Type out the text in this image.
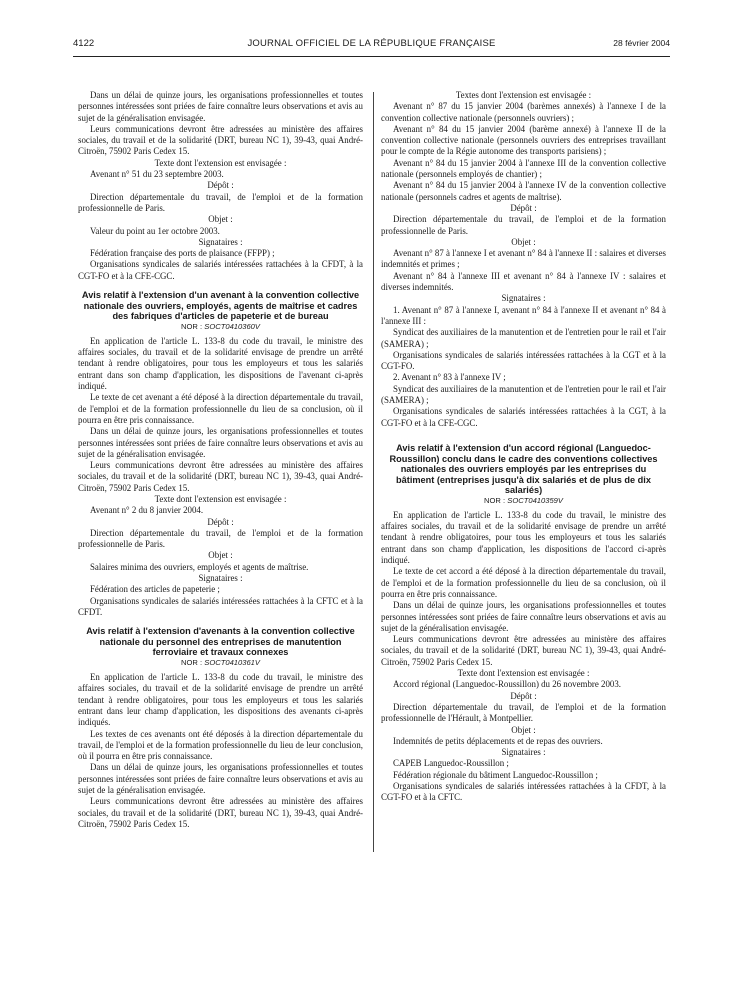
4122	JOURNAL OFFICIEL DE LA RÉPUBLIQUE FRANÇAISE	28 février 2004

Dans un délai de quinze jours, les organisations professionnelles et toutes personnes intéressées sont priées de faire connaître leurs observations et avis au sujet de la généralisation envisagée.

Leurs communications devront être adressées au ministère des affaires sociales, du travail et de la solidarité (DRT, bureau NC 1), 39-43, quai André-Citroën, 75902 Paris Cedex 15.

Texte dont l'extension est envisagée :

Avenant n° 51 du 23 septembre 2003.

Dépôt :

Direction départementale du travail, de l'emploi et de la formation professionnelle de Paris.

Objet :

Valeur du point au 1er octobre 2003.

Signataires :

Fédération française des ports de plaisance (FFPP) ;

Organisations syndicales de salariés intéressées rattachées à la CFDT, à la CGT-FO et à la CFE-CGC.

Avis relatif à l'extension d'un avenant à la convention collective nationale des ouvriers, employés, agents de maîtrise et cadres des fabriques d'articles de papeterie et de bureau

NOR : SOCT0410360V

En application de l'article L. 133-8 du code du travail, le ministre des affaires sociales, du travail et de la solidarité envisage de prendre un arrêté tendant à rendre obligatoires, pour tous les employeurs et tous les salariés entrant dans son champ d'application, les dispositions de l'avenant ci-après indiqué.

Le texte de cet avenant a été déposé à la direction départementale du travail, de l'emploi et de la formation professionnelle du lieu de sa conclusion, où il pourra en être pris connaissance.

Dans un délai de quinze jours, les organisations professionnelles et toutes personnes intéressées sont priées de faire connaître leurs observations et avis au sujet de la généralisation envisagée.

Leurs communications devront être adressées au ministère des affaires sociales, du travail et de la solidarité (DRT, bureau NC 1), 39-43, quai André-Citroën, 75902 Paris Cedex 15.

Texte dont l'extension est envisagée :

Avenant n° 2 du 8 janvier 2004.

Dépôt :

Direction départementale du travail, de l'emploi et de la formation professionnelle de Paris.

Objet :

Salaires minima des ouvriers, employés et agents de maîtrise.

Signataires :

Fédération des articles de papeterie ;

Organisations syndicales de salariés intéressées rattachées à la CFTC et à la CFDT.

Avis relatif à l'extension d'avenants à la convention collective nationale du personnel des entreprises de manutention ferroviaire et travaux connexes

NOR : SOCT0410361V

En application de l'article L. 133-8 du code du travail, le ministre des affaires sociales, du travail et de la solidarité envisage de prendre un arrêté tendant à rendre obligatoires, pour tous les employeurs et tous les salariés entrant dans leur champ d'application, les dispositions des avenants ci-après indiqués.

Les textes de ces avenants ont été déposés à la direction départementale du travail, de l'emploi et de la formation professionnelle du lieu de leur conclusion, où il pourra en être pris connaissance.

Dans un délai de quinze jours, les organisations professionnelles et toutes personnes intéressées sont priées de faire connaître leurs observations et avis au sujet de la généralisation envisagée.

Leurs communications devront être adressées au ministère des affaires sociales, du travail et de la solidarité (DRT, bureau NC 1), 39-43, quai André-Citroën, 75902 Paris Cedex 15.

Textes dont l'extension est envisagée :

Avenant n° 87 du 15 janvier 2004 (barèmes annexés) à l'annexe I de la convention collective nationale (personnels ouvriers) ;

Avenant n° 84 du 15 janvier 2004 (barème annexé) à l'annexe II de la convention collective nationale (personnels ouvriers des entreprises travaillant pour le compte de la Régie autonome des transports parisiens) ;

Avenant n° 84 du 15 janvier 2004 à l'annexe III de la convention collective nationale (personnels employés de chantier) ;

Avenant n° 84 du 15 janvier 2004 à l'annexe IV de la convention collective nationale (personnels cadres et agents de maîtrise).

Dépôt :

Direction départementale du travail, de l'emploi et de la formation professionnelle de Paris.

Objet :

Avenant n° 87 à l'annexe I et avenant n° 84 à l'annexe II : salaires et diverses indemnités et primes ;

Avenant n° 84 à l'annexe III et avenant n° 84 à l'annexe IV : salaires et diverses indemnités.

Signataires :

1. Avenant n° 87 à l'annexe I, avenant n° 84 à l'annexe II et avenant n° 84 à l'annexe III :

Syndicat des auxiliaires de la manutention et de l'entretien pour le rail et l'air (SAMERA) ;

Organisations syndicales de salariés intéressées rattachées à la CGT et à la CGT-FO.

2. Avenant n° 83 à l'annexe IV ;

Syndicat des auxiliaires de la manutention et de l'entretien pour le rail et l'air (SAMERA) ;

Organisations syndicales de salariés intéressées rattachées à la CGT, à la CGT-FO et à la CFE-CGC.

Avis relatif à l'extension d'un accord régional (Languedoc-Roussillon) conclu dans le cadre des conventions collectives nationales des ouvriers employés par les entreprises du bâtiment (entreprises jusqu'à dix salariés et de plus de dix salariés)

NOR : SOCT0410359V

En application de l'article L. 133-8 du code du travail, le ministre des affaires sociales, du travail et de la solidarité envisage de prendre un arrêté tendant à rendre obligatoires, pour tous les employeurs et tous les salariés entrant dans son champ d'application, les dispositions de l'accord ci-après indiqué.

Le texte de cet accord a été déposé à la direction départementale du travail, de l'emploi et de la formation professionnelle du lieu de sa conclusion, où il pourra en être pris connaissance.

Dans un délai de quinze jours, les organisations professionnelles et toutes personnes intéressées sont priées de faire connaître leurs observations et avis au sujet de la généralisation envisagée.

Leurs communications devront être adressées au ministère des affaires sociales, du travail et de la solidarité (DRT, bureau NC 1), 39-43, quai André-Citroën, 75902 Paris Cedex 15.

Texte dont l'extension est envisagée :

Accord régional (Languedoc-Roussillon) du 26 novembre 2003.

Dépôt :

Direction départementale du travail, de l'emploi et de la formation professionnelle de l'Hérault, à Montpellier.

Objet :

Indemnités de petits déplacements et de repas des ouvriers.

Signataires :

CAPEB Languedoc-Roussillon ;

Fédération régionale du bâtiment Languedoc-Roussillon ;

Organisations syndicales de salariés intéressées rattachées à la CFDT, à la CGT-FO et à la CFTC.
